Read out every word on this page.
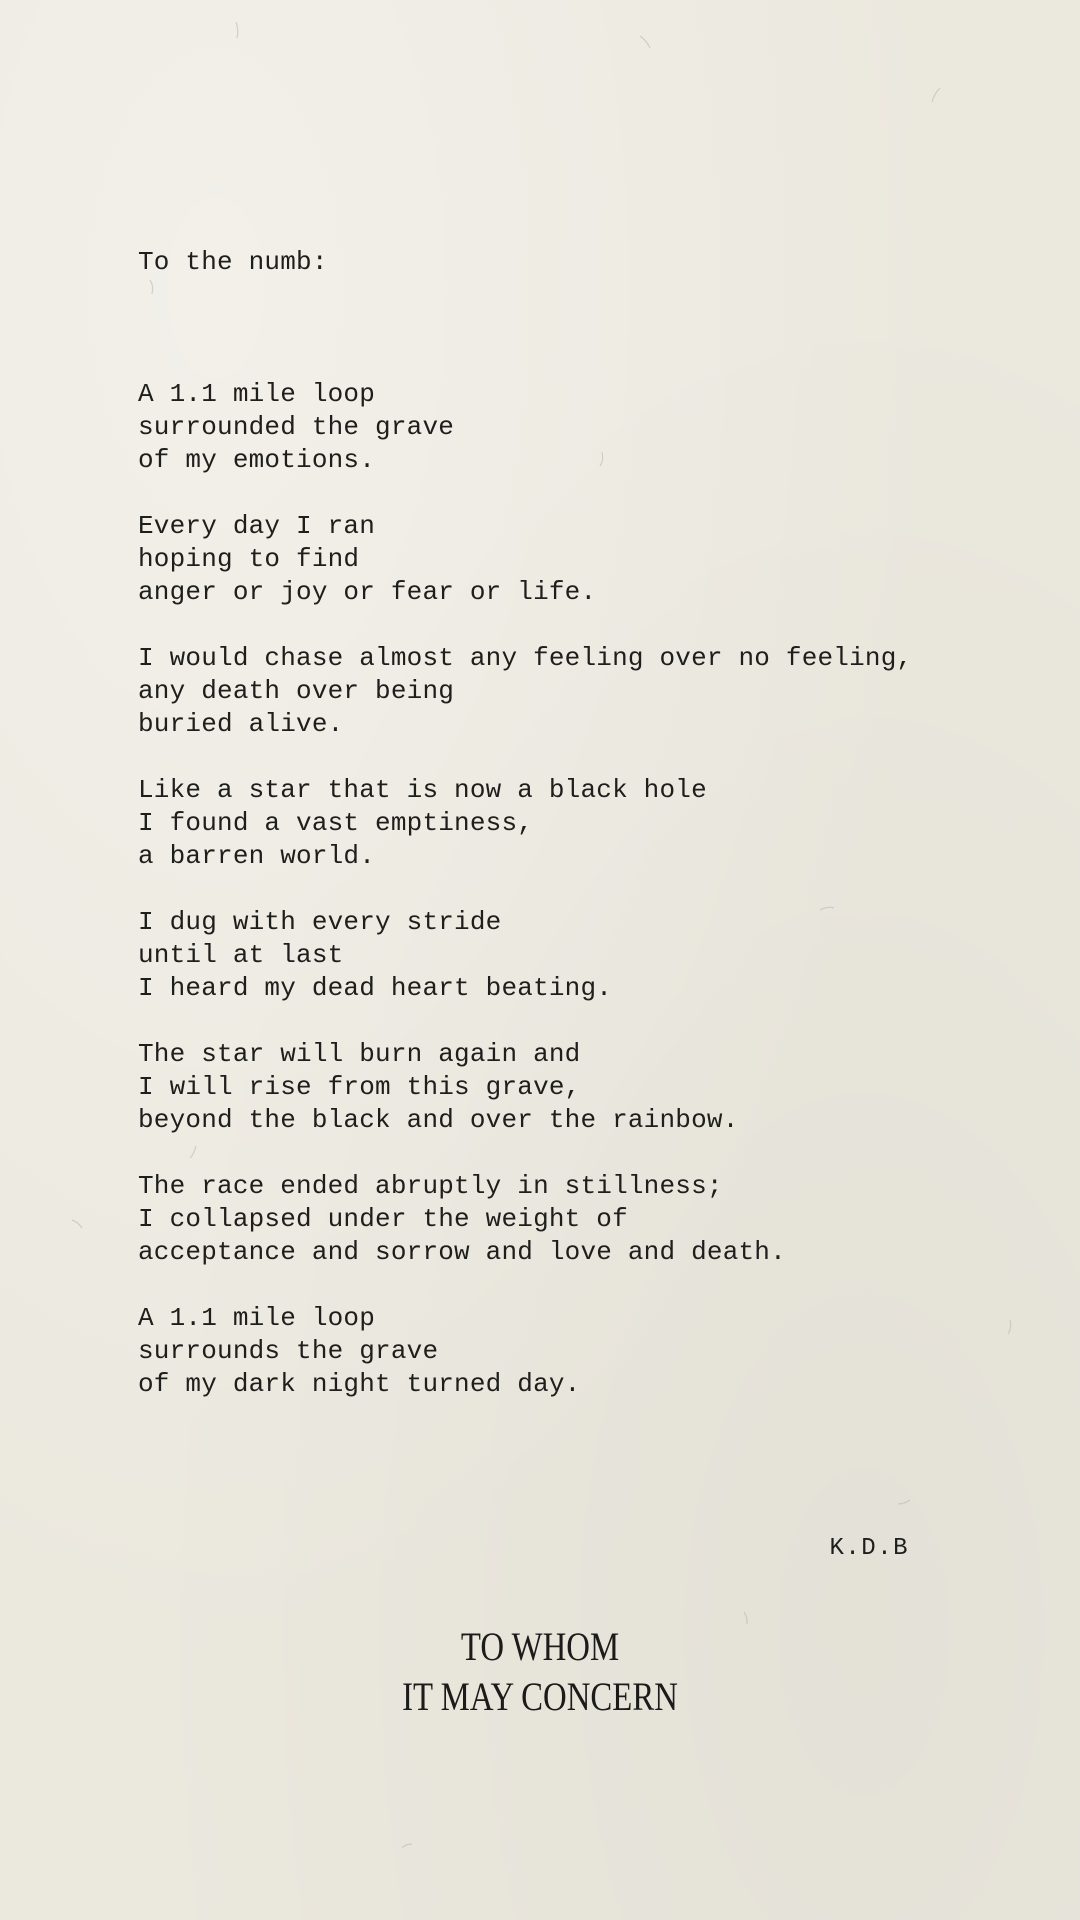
To the numb:

A 1.1 mile loop
surrounded the grave
of my emotions.
Every day I ran
hoping to find
anger or joy or fear or life.
I would chase almost any feeling over no feeling,
any death over being
buried alive.
Like a star that is now a black hole
I found a vast emptiness,
a barren world.
I dug with every stride
until at last
I heard my dead heart beating.
The star will burn again and
I will rise from this grave,
beyond the black and over the rainbow.
The race ended abruptly in stillness;
I collapsed under the weight of
acceptance and sorrow and love and death.
A 1.1 mile loop
surrounds the grave
of my dark night turned day.

K.D.B

TO WHOM
IT MAY CONCERN
